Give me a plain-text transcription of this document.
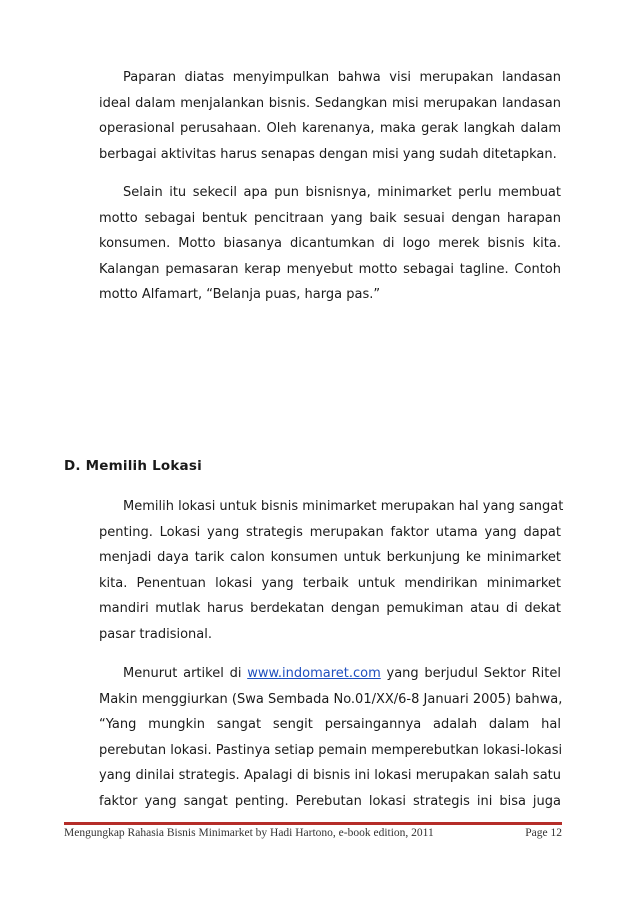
Paparan diatas menyimpulkan bahwa visi merupakan landasan
ideal dalam menjalankan bisnis. Sedangkan misi merupakan landasan
operasional perusahaan. Oleh karenanya, maka gerak langkah dalam
berbagai aktivitas harus senapas dengan misi yang sudah ditetapkan.
Selain itu sekecil apa pun bisnisnya, minimarket perlu membuat
motto sebagai bentuk pencitraan yang baik sesuai dengan harapan
konsumen. Motto biasanya dicantumkan di logo merek bisnis kita.
Kalangan pemasaran kerap menyebut motto sebagai tagline. Contoh
motto Alfamart, “Belanja puas, harga pas.”
D. Memilih Lokasi
Memilih lokasi untuk bisnis minimarket merupakan hal yang sangat
penting. Lokasi yang strategis merupakan faktor utama yang dapat
menjadi daya tarik calon konsumen untuk berkunjung ke minimarket
kita. Penentuan lokasi yang terbaik untuk mendirikan minimarket
mandiri mutlak harus berdekatan dengan pemukiman atau di dekat
pasar tradisional.
Menurut artikel di www.indomaret.com yang berjudul Sektor Ritel
Makin menggiurkan (Swa Sembada No.01/XX/6-8 Januari 2005) bahwa,
“Yang mungkin sangat sengit persaingannya adalah dalam hal
perebutan lokasi. Pastinya setiap pemain memperebutkan lokasi-lokasi
yang dinilai strategis. Apalagi di bisnis ini lokasi merupakan salah satu
faktor yang sangat penting. Perebutan lokasi strategis ini bisa juga
Mengungkap Rahasia Bisnis Minimarket by Hadi Hartono, e-book edition, 2011	Page 12
